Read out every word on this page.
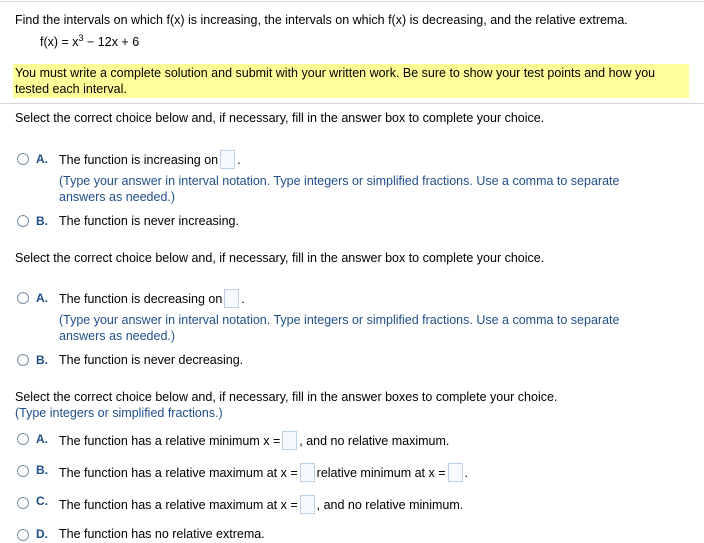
Find the intervals on which f(x) is increasing, the intervals on which f(x) is decreasing, and the relative extrema.
$f(x) = x^3 - 12x + 6$
You must write a complete solution and submit with your written work. Be sure to show your test points and how you tested each interval.
Select the correct choice below and, if necessary, fill in the answer box to complete your choice.
A. The function is increasing on .
(Type your answer in interval notation. Type integers or simplified fractions. Use a comma to separate answers as needed.)
B. The function is never increasing.
Select the correct choice below and, if necessary, fill in the answer box to complete your choice.
A. The function is decreasing on .
(Type your answer in interval notation. Type integers or simplified fractions. Use a comma to separate answers as needed.)
B. The function is never decreasing.
Select the correct choice below and, if necessary, fill in the answer boxes to complete your choice.
(Type integers or simplified fractions.)
A. The function has a relative minimum x = , and no relative maximum.
B. The function has a relative maximum at x = relative minimum at x = .
C. The function has a relative maximum at x = , and no relative minimum.
D. The function has no relative extrema.
